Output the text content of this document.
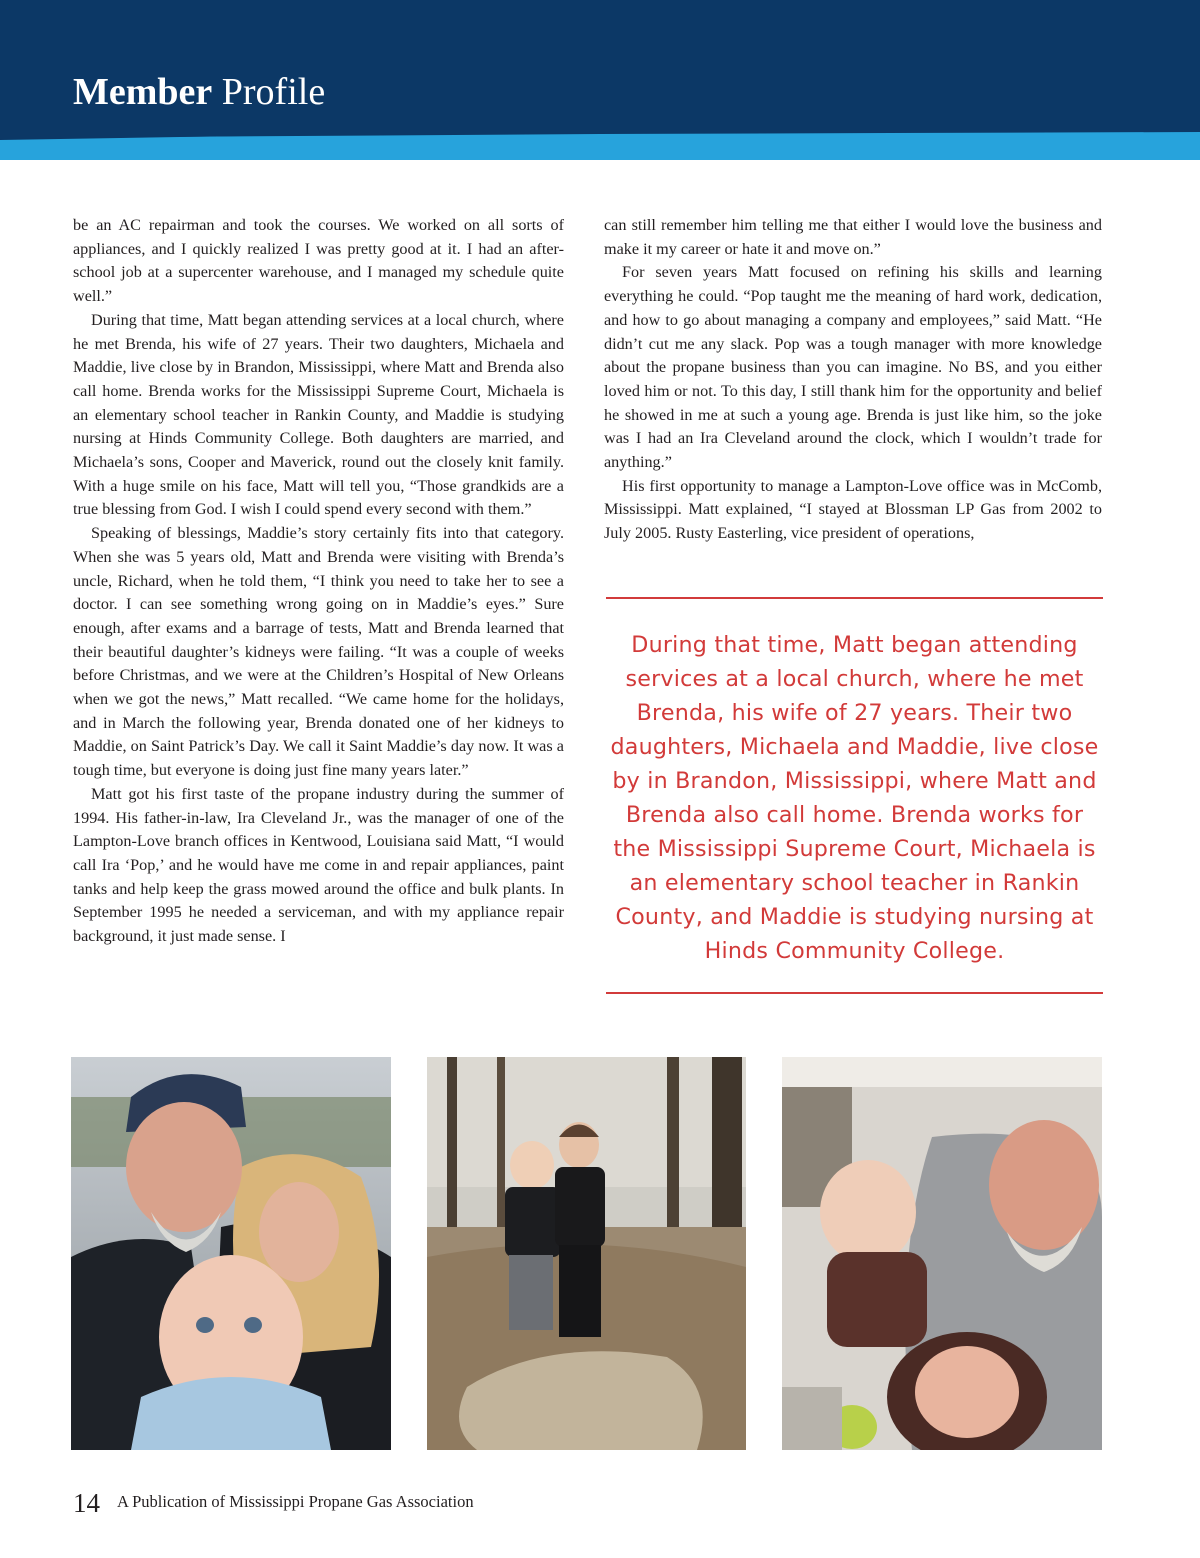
Member Profile

be an AC repairman and took the courses. We worked on all sorts of appliances, and I quickly realized I was pretty good at it. I had an after-school job at a supercenter warehouse, and I managed my schedule quite well.”

During that time, Matt began attending services at a local church, where he met Brenda, his wife of 27 years. Their two daughters, Michaela and Maddie, live close by in Brandon, Mississippi, where Matt and Brenda also call home. Brenda works for the Mississippi Supreme Court, Michaela is an elementary school teacher in Rankin County, and Maddie is studying nursing at Hinds Community College. Both daughters are married, and Michaela’s sons, Cooper and Maverick, round out the closely knit family. With a huge smile on his face, Matt will tell you, “Those grandkids are a true blessing from God. I wish I could spend every second with them.”

Speaking of blessings, Maddie’s story certainly fits into that category. When she was 5 years old, Matt and Brenda were visiting with Brenda’s uncle, Richard, when he told them, “I think you need to take her to see a doctor. I can see something wrong going on in Maddie’s eyes.” Sure enough, after exams and a barrage of tests, Matt and Brenda learned that their beautiful daughter’s kidneys were failing. “It was a couple of weeks before Christmas, and we were at the Children’s Hospital of New Orleans when we got the news,” Matt recalled. “We came home for the holidays, and in March the following year, Brenda donated one of her kidneys to Maddie, on Saint Patrick’s Day. We call it Saint Maddie’s day now. It was a tough time, but everyone is doing just fine many years later.”

Matt got his first taste of the propane industry during the summer of 1994. His father-in-law, Ira Cleveland Jr., was the manager of one of the Lampton-Love branch offices in Kentwood, Louisiana said Matt, “I would call Ira ‘Pop,’ and he would have me come in and repair appliances, paint tanks and help keep the grass mowed around the office and bulk plants. In September 1995 he needed a serviceman, and with my appliance repair background, it just made sense. I

can still remember him telling me that either I would love the business and make it my career or hate it and move on.”

For seven years Matt focused on refining his skills and learning everything he could. “Pop taught me the meaning of hard work, dedication, and how to go about managing a company and employees,” said Matt. “He didn’t cut me any slack. Pop was a tough manager with more knowledge about the propane business than you can imagine. No BS, and you either loved him or not. To this day, I still thank him for the opportunity and belief he showed in me at such a young age. Brenda is just like him, so the joke was I had an Ira Cleveland around the clock, which I wouldn’t trade for anything.”

His first opportunity to manage a Lampton-Love office was in McComb, Mississippi. Matt explained, “I stayed at Blossman LP Gas from 2002 to July 2005. Rusty Easterling, vice president of operations,

During that time, Matt began attending services at a local church, where he met Brenda, his wife of 27 years. Their two daughters, Michaela and Maddie, live close by in Brandon, Mississippi, where Matt and Brenda also call home. Brenda works for the Mississippi Supreme Court, Michaela is an elementary school teacher in Rankin County, and Maddie is studying nursing at Hinds Community College.
14 A Publication of Mississippi Propane Gas Association
